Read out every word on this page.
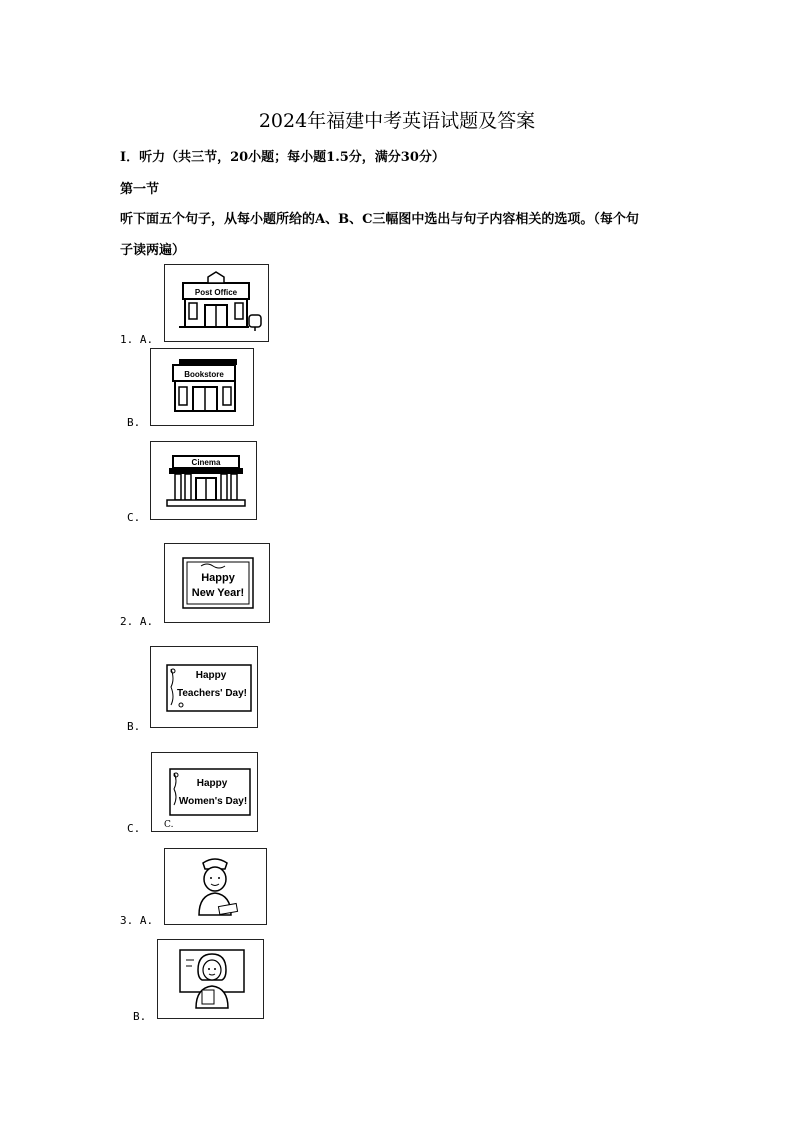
2024年福建中考英语试题及答案
Ⅰ．听力（共三节，20小题；每小题1.5分，满分30分）
第一节
听下面五个句子，从每小题所给的A、B、C三幅图中选出与句子内容相关的选项。（每个句
子读两遍）
Post Office
1. A.
Bookstore
B.
Cinema
C.
Happy
New Year!
2. A.
Happy
Teachers' Day!
B.
Happy
Women's Day!
C.
C.
3. A.
B.
